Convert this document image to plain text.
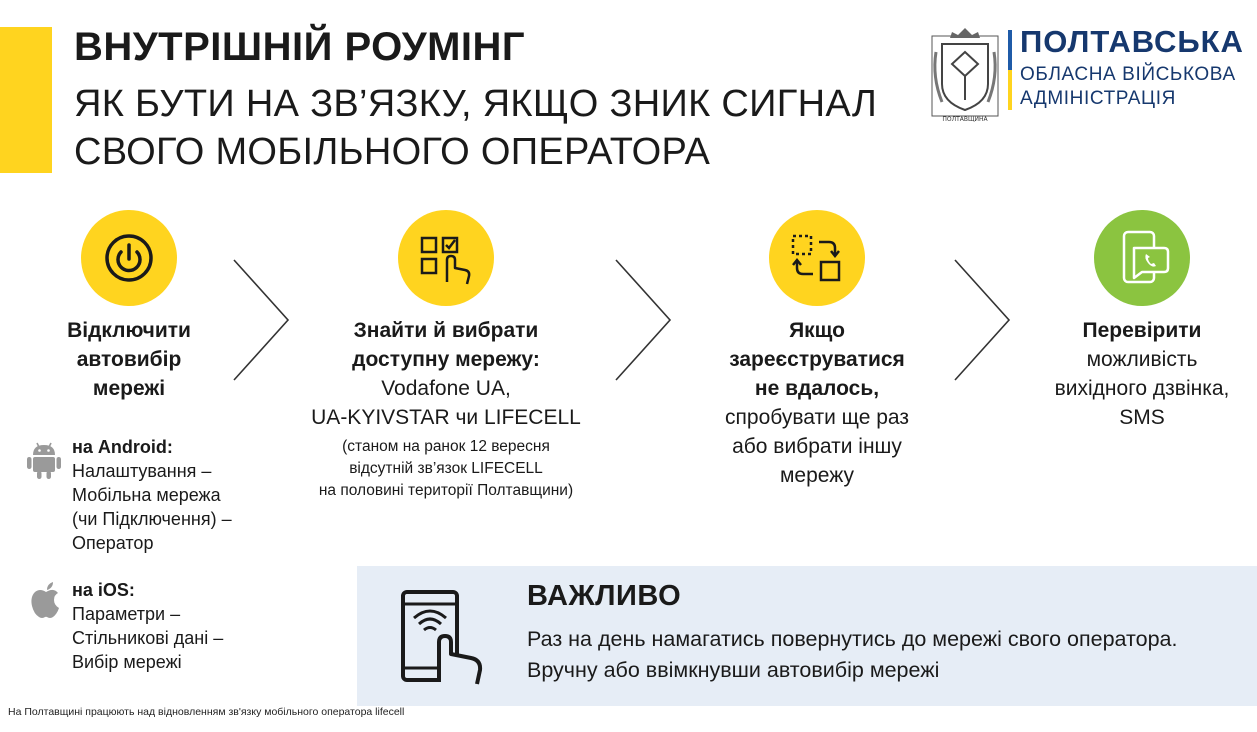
ВНУТРІШНІЙ РОУМІНГ
ЯК БУТИ НА ЗВ’ЯЗКУ, ЯКЩО ЗНИК СИГНАЛ
СВОГО МОБІЛЬНОГО ОПЕРАТОРА
ПОЛТАВЩИНА
ПОЛТАВСЬКА
ОБЛАСНА ВІЙСЬКОВА
АДМІНІСТРАЦІЯ
Відключити
автовибір
мережі
Знайти й вибрати
доступну мережу:
Vodafone UA,
UA-KYIVSTAR чи LIFECELL
(станом на ранок 12 вересня
відсутній зв’язок LIFECELL
на половині території Полтавщини)
Якщо
зареєструватися
не вдалось,
спробувати ще раз
або вибрати іншу
мережу
Перевірити
можливість
вихідного дзвінка,
SMS
на Android:
Налаштування –
Мобільна мережа
(чи Підключення) –
Оператор
на iOS:
Параметри –
Стільникові дані –
Вибір мережі
ВАЖЛИВО
Раз на день намагатись повернутись до мережі свого оператора.
Вручну або ввімкнувши автовибір мережі
На Полтавщині працюють над відновленням зв'язку мобільного оператора lifecell
